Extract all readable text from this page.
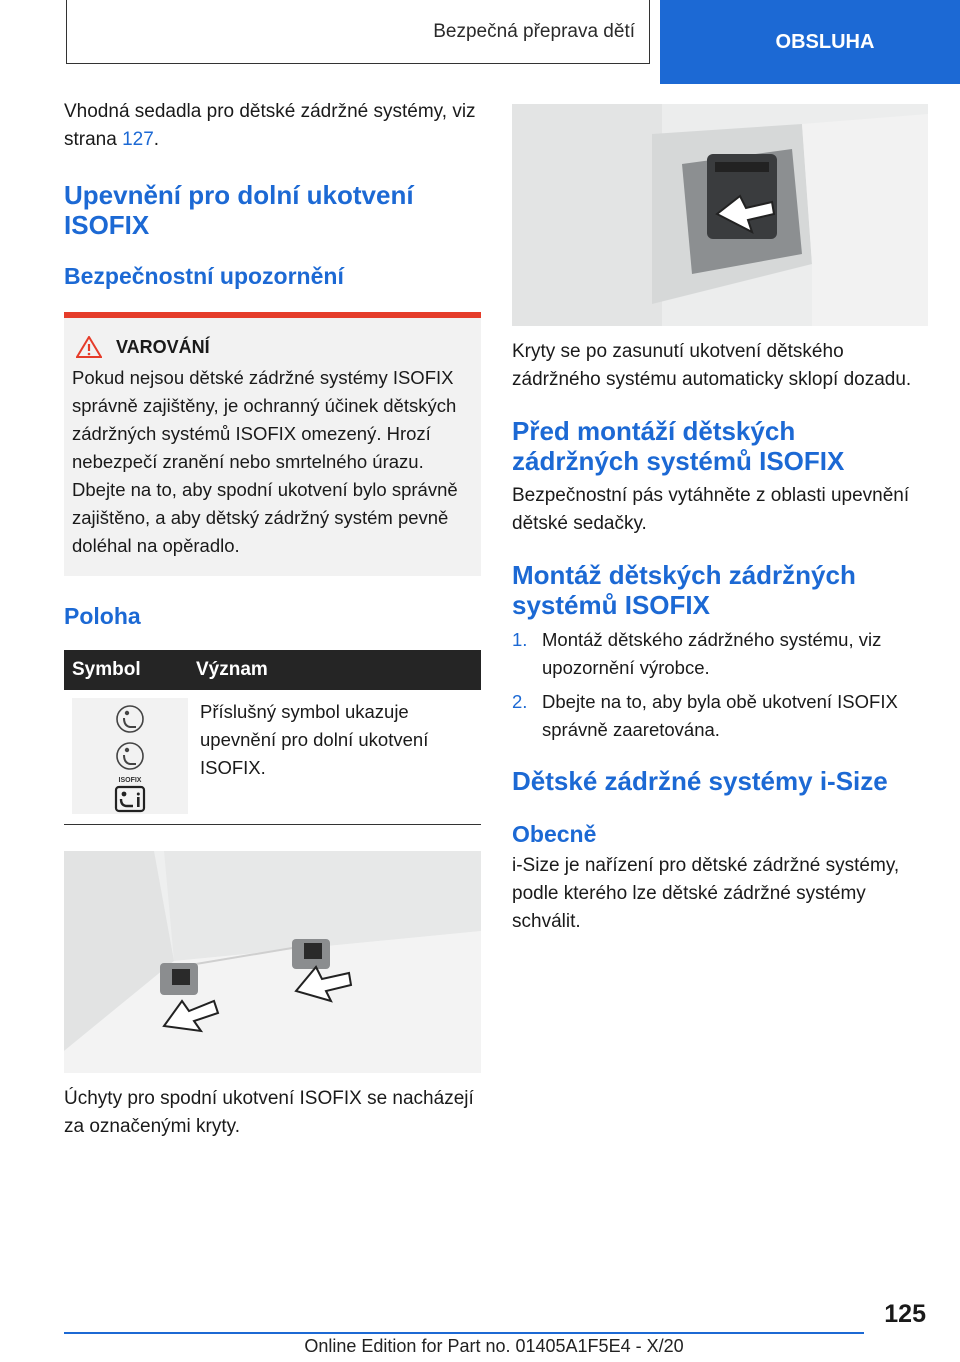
Bezpečná přeprava dětí	OBSLUHA

Vhodná sedadla pro dětské zádržné systémy, viz strana 127.

Upevnění pro dolní ukotvení ISOFIX
Bezpečnostní upozornění
VAROVÁNÍ

Pokud nejsou dětské zádržné systémy ISOFIX správně zajištěny, je ochranný účinek dětských zádržných systémů ISOFIX omezený. Hrozí nebezpečí zranění nebo smrtelného úrazu. Dbejte na to, aby spodní ukotvení bylo správně zajištěno, a aby dětský zádržný systém pevně doléhal na opěradlo.

Poloha
Symbol	Význam
ISOFIX
Příslušný symbol ukazuje upevnění pro dolní ukotvení ISOFIX.

Úchyty pro spodní ukotvení ISOFIX se nacházejí za označenými kryty.

Kryty se po zasunutí ukotvení dětského zádržného systému automaticky sklopí dozadu.

Před montáží dětských zádržných systémů ISOFIX

Bezpečnostní pás vytáhněte z oblasti upevnění dětské sedačky.

Montáž dětských zádržných systémů ISOFIX
1. Montáž dětského zádržného systému, viz upozornění výrobce.
2. Dbejte na to, aby byla obě ukotvení ISOFIX správně zaaretována.
Dětské zádržné systémy i-Size
Obecně

i-Size je nařízení pro dětské zádržné systémy, podle kterého lze dětské zádržné systémy schválit.

125
Online Edition for Part no. 01405A1F5E4 - X/20
